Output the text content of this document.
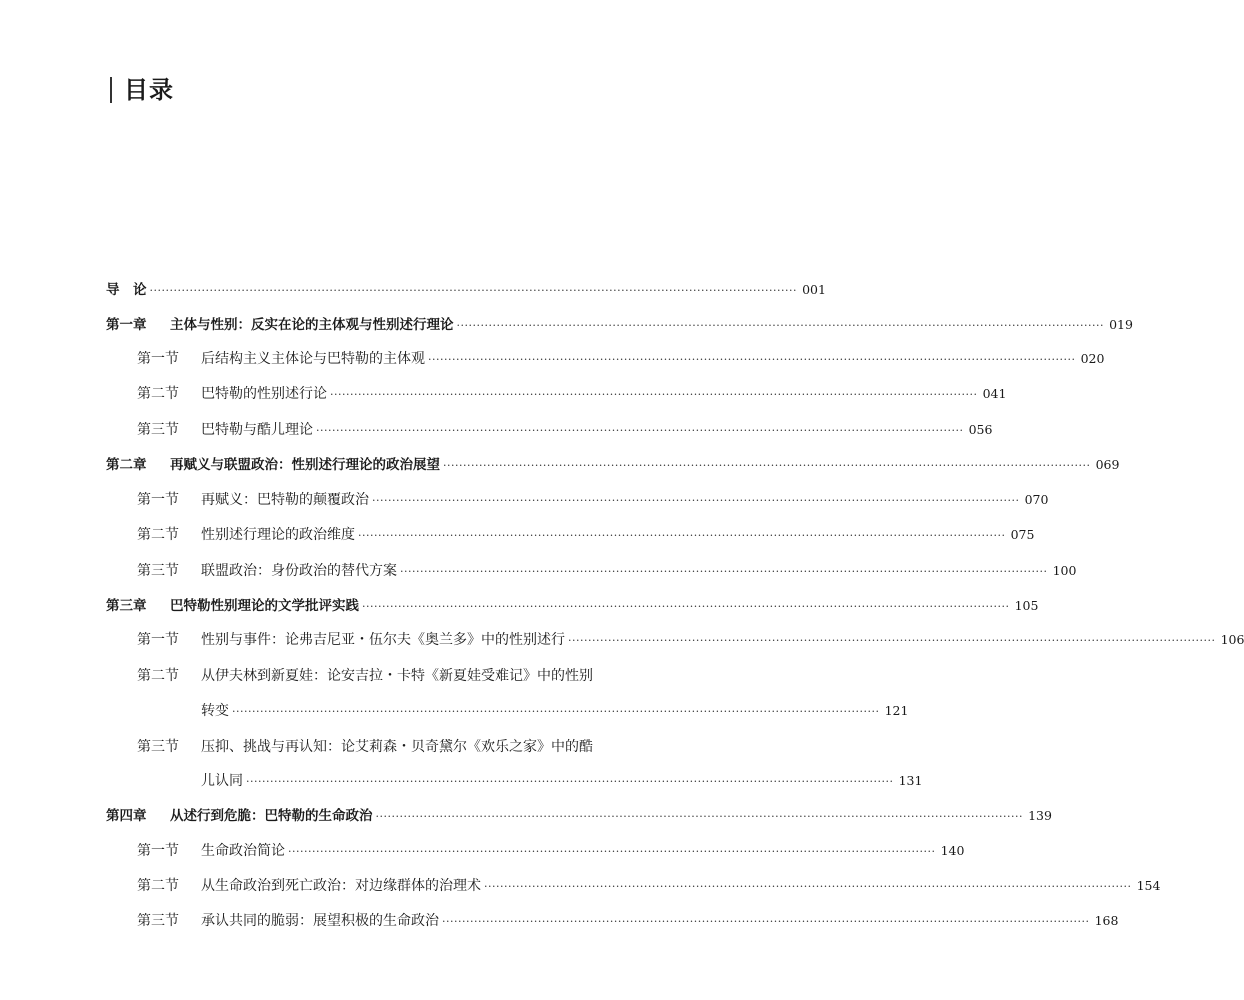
目录
导　论 ·····	001
第一章	主体与性别：反实在论的主体观与性别述行理论 ·····	019
第一节	后结构主义主体论与巴特勒的主体观 ·····	020
第二节	巴特勒的性别述行论 ·····	041
第三节	巴特勒与酷儿理论 ·····	056
第二章	再赋义与联盟政治：性别述行理论的政治展望 ·····	069
第一节	再赋义：巴特勒的颠覆政治 ·····	070
第二节	性别述行理论的政治维度 ·····	075
第三节	联盟政治：身份政治的替代方案 ·····	100
第三章	巴特勒性别理论的文学批评实践 ·····	105
第一节	性别与事件：论弗吉尼亚・伍尔夫《奥兰多》中的性别述行 ·····	106
第二节	从伊夫林到新夏娃：论安吉拉・卡特《新夏娃受难记》中的性别
转变 ·····	121
第三节	压抑、挑战与再认知：论艾莉森・贝奇黛尔《欢乐之家》中的酷
儿认同 ·····	131
第四章	从述行到危脆：巴特勒的生命政治 ·····	139
第一节	生命政治简论 ·····	140
第二节	从生命政治到死亡政治：对边缘群体的治理术 ·····	154
第三节	承认共同的脆弱：展望积极的生命政治 ·····	168
